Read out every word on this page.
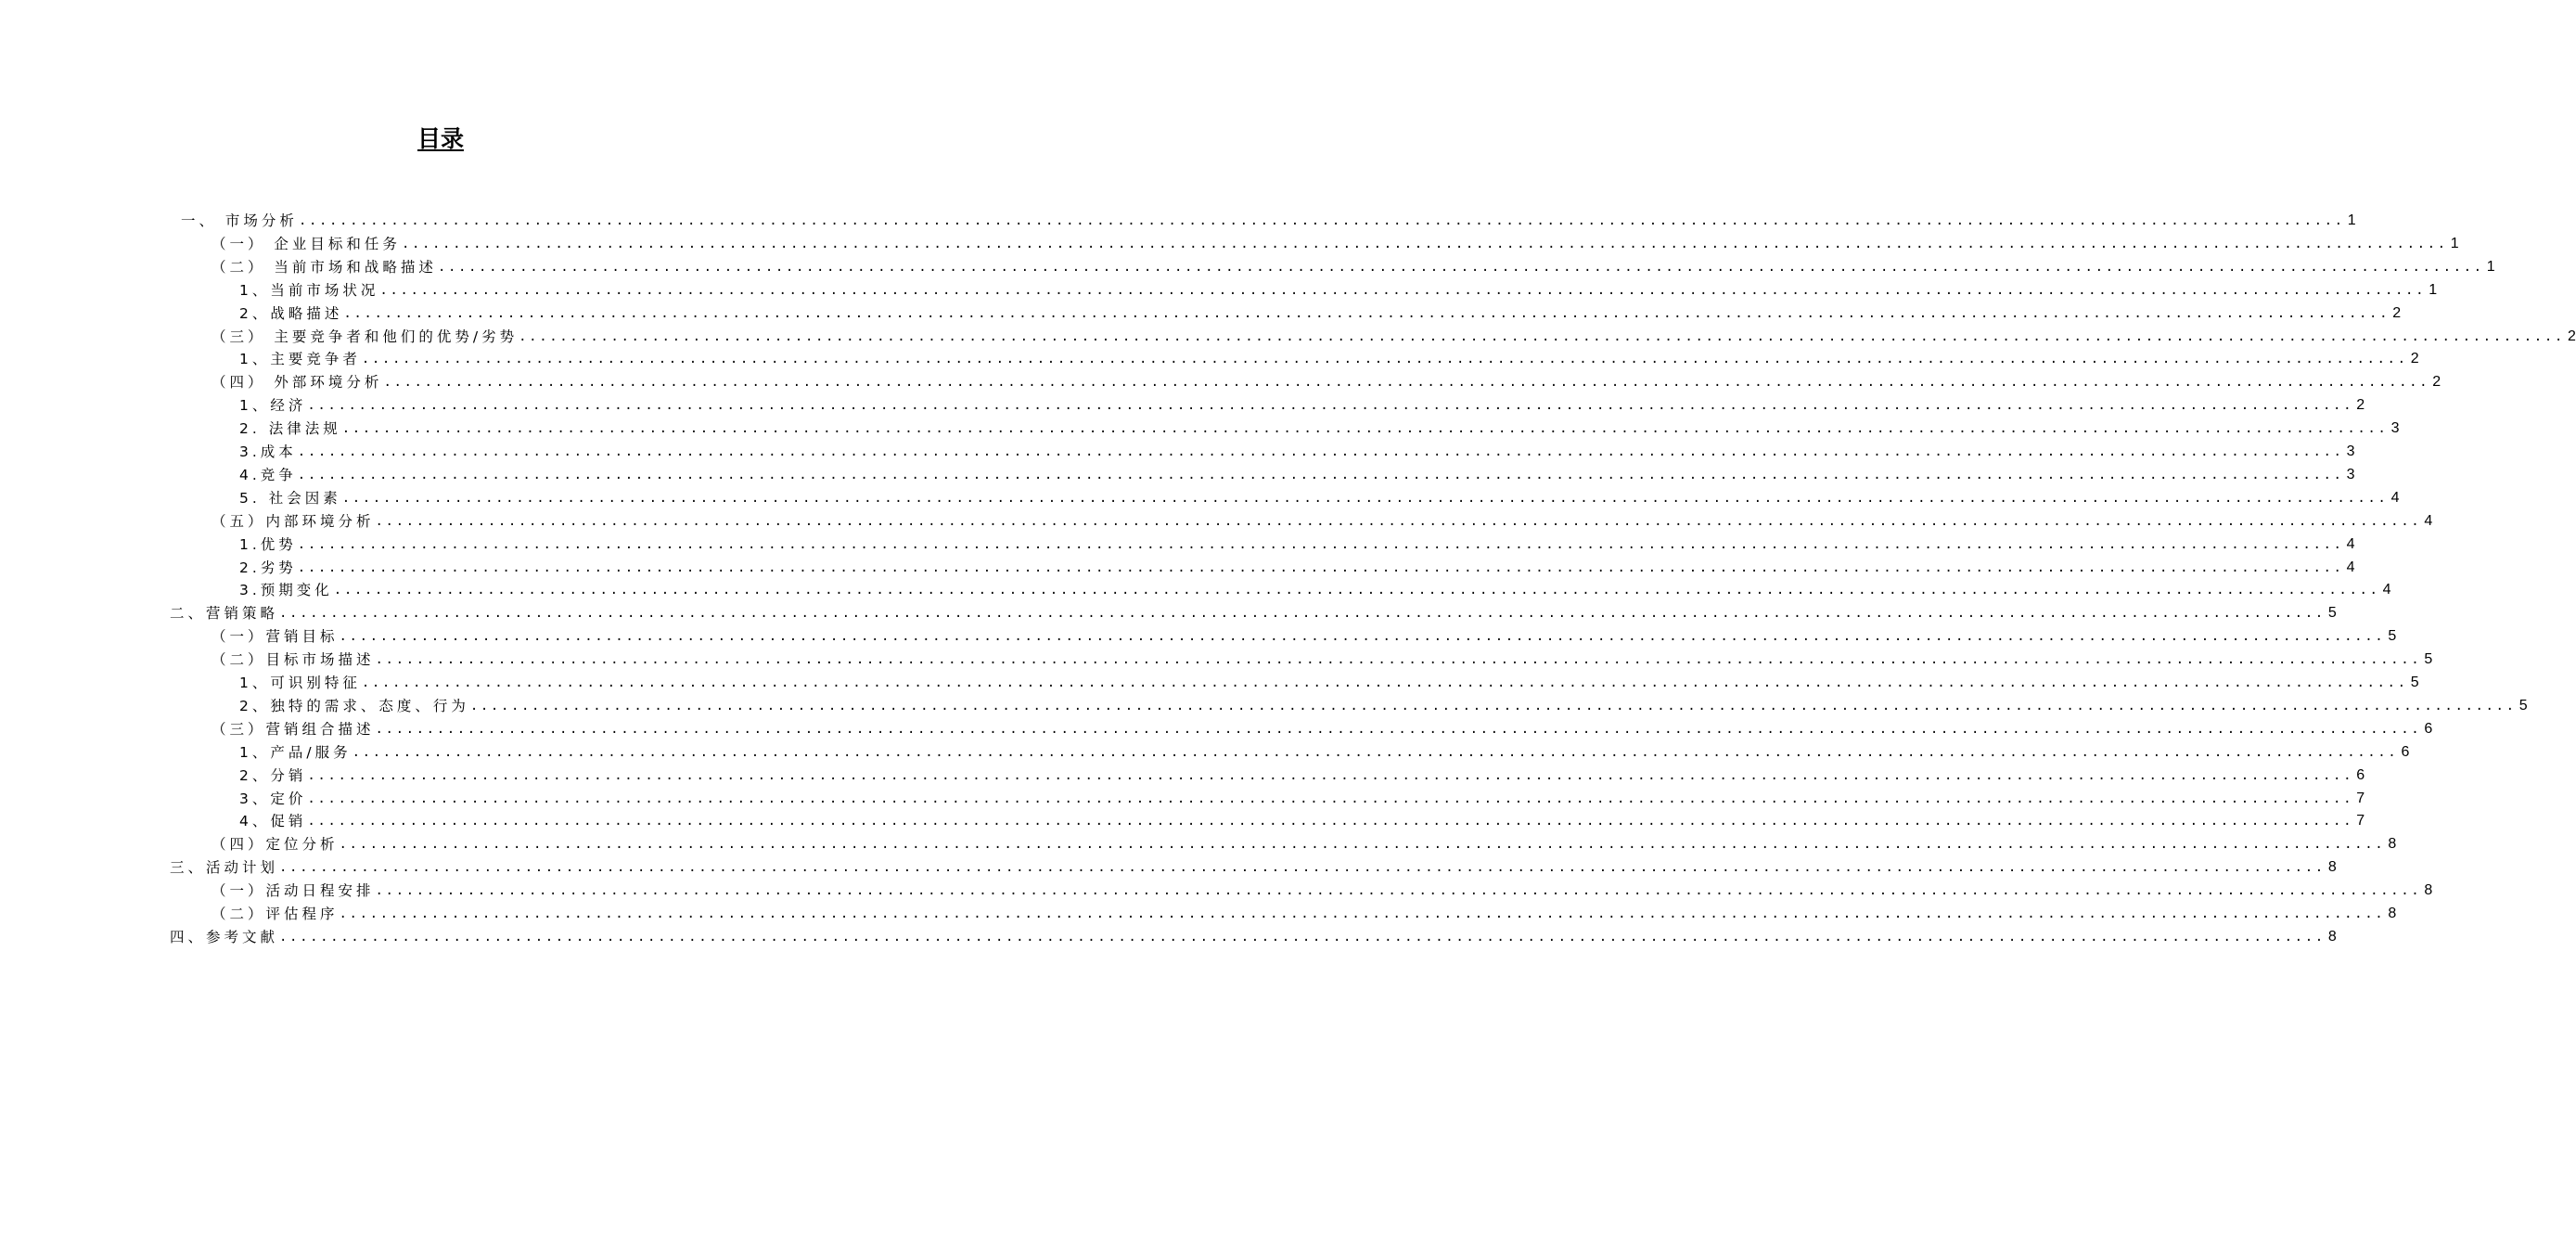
目录
一、 市场分析 ........................................................................................................................................................................................................ 1
（一） 企业目标和任务 ........................................................................................................................................................................................................ 1
（二） 当前市场和战略描述 ........................................................................................................................................................................................................ 1
1、当前市场状况 ........................................................................................................................................................................................................ 1
2、战略描述 ........................................................................................................................................................................................................ 2
（三） 主要竞争者和他们的优势/劣势 ........................................................................................................................................................................................................ 2
1、主要竞争者 ........................................................................................................................................................................................................ 2
（四） 外部环境分析 ........................................................................................................................................................................................................ 2
1、经济 ........................................................................................................................................................................................................ 2
2. 法律法规 ........................................................................................................................................................................................................ 3
3.成本 ........................................................................................................................................................................................................ 3
4.竞争 ........................................................................................................................................................................................................ 3
5. 社会因素 ........................................................................................................................................................................................................ 4
（五）内部环境分析 ........................................................................................................................................................................................................ 4
1.优势 ........................................................................................................................................................................................................ 4
2.劣势 ........................................................................................................................................................................................................ 4
3.预期变化 ........................................................................................................................................................................................................ 4
二、营销策略 ........................................................................................................................................................................................................ 5
（一）营销目标 ........................................................................................................................................................................................................ 5
（二）目标市场描述 ........................................................................................................................................................................................................ 5
1、可识别特征 ........................................................................................................................................................................................................ 5
2、独特的需求、态度、行为 ........................................................................................................................................................................................................ 5
（三）营销组合描述 ........................................................................................................................................................................................................ 6
1、产品/服务 ........................................................................................................................................................................................................ 6
2、分销 ........................................................................................................................................................................................................ 6
3、定价 ........................................................................................................................................................................................................ 7
4、促销 ........................................................................................................................................................................................................ 7
（四）定位分析 ........................................................................................................................................................................................................ 8
三、活动计划 ........................................................................................................................................................................................................ 8
（一）活动日程安排 ........................................................................................................................................................................................................ 8
（二）评估程序 ........................................................................................................................................................................................................ 8
四、参考文献 ........................................................................................................................................................................................................ 8
